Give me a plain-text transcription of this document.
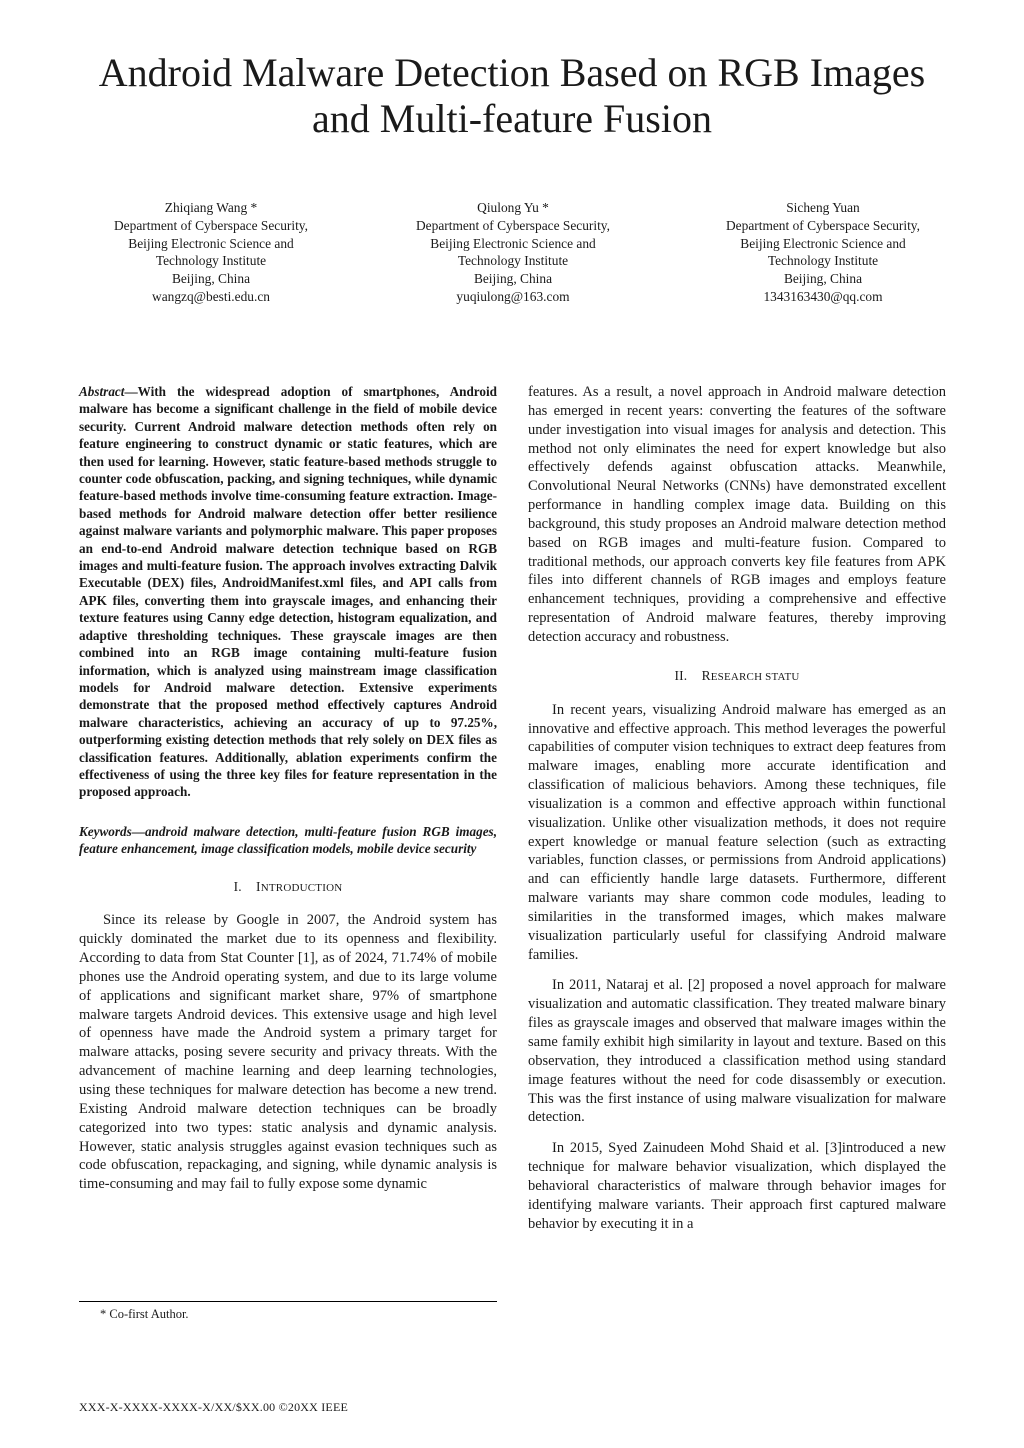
Android Malware Detection Based on RGB Images
and Multi-feature Fusion
Zhiqiang Wang *
Department of Cyberspace Security,
Beijing Electronic Science and
Technology Institute
Beijing, China
wangzq@besti.edu.cn
Qiulong Yu *
Department of Cyberspace Security,
Beijing Electronic Science and
Technology Institute
Beijing, China
yuqiulong@163.com
Sicheng Yuan
Department of Cyberspace Security,
Beijing Electronic Science and
Technology Institute
Beijing, China
1343163430@qq.com

Abstract—With the widespread adoption of smartphones, Android malware has become a significant challenge in the field of mobile device security. Current Android malware detection methods often rely on feature engineering to construct dynamic or static features, which are then used for learning. However, static feature-based methods struggle to counter code obfuscation, packing, and signing techniques, while dynamic feature-based methods involve time-consuming feature extraction. Image-based methods for Android malware detection offer better resilience against malware variants and polymorphic malware. This paper proposes an end-to-end Android malware detection technique based on RGB images and multi-feature fusion. The approach involves extracting Dalvik Executable (DEX) files, AndroidManifest.xml files, and API calls from APK files, converting them into grayscale images, and enhancing their texture features using Canny edge detection, histogram equalization, and adaptive thresholding techniques. These grayscale images are then combined into an RGB image containing multi-feature fusion information, which is analyzed using mainstream image classification models for Android malware detection. Extensive experiments demonstrate that the proposed method effectively captures Android malware characteristics, achieving an accuracy of up to 97.25%, outperforming existing detection methods that rely solely on DEX files as classification features. Additionally, ablation experiments confirm the effectiveness of using the three key files for feature representation in the proposed approach.

Keywords—android malware detection, multi-feature fusion RGB images, feature enhancement, image classification models, mobile device security

I. INTRODUCTION

Since its release by Google in 2007, the Android system has quickly dominated the market due to its openness and flexibility. According to data from Stat Counter [1], as of 2024, 71.74% of mobile phones use the Android operating system, and due to its large volume of applications and significant market share, 97% of smartphone malware targets Android devices. This extensive usage and high level of openness have made the Android system a primary target for malware attacks, posing severe security and privacy threats. With the advancement of machine learning and deep learning technologies, using these techniques for malware detection has become a new trend. Existing Android malware detection techniques can be broadly categorized into two types: static analysis and dynamic analysis. However, static analysis struggles against evasion techniques such as code obfuscation, repackaging, and signing, while dynamic analysis is time-consuming and may fail to fully expose some dynamic

features. As a result, a novel approach in Android malware detection has emerged in recent years: converting the features of the software under investigation into visual images for analysis and detection. This method not only eliminates the need for expert knowledge but also effectively defends against obfuscation attacks. Meanwhile, Convolutional Neural Networks (CNNs) have demonstrated excellent performance in handling complex image data. Building on this background, this study proposes an Android malware detection method based on RGB images and multi-feature fusion. Compared to traditional methods, our approach converts key file features from APK files into different channels of RGB images and employs feature enhancement techniques, providing a comprehensive and effective representation of Android malware features, thereby improving detection accuracy and robustness.

II. RESEARCH STATU

In recent years, visualizing Android malware has emerged as an innovative and effective approach. This method leverages the powerful capabilities of computer vision techniques to extract deep features from malware images, enabling more accurate identification and classification of malicious behaviors. Among these techniques, file visualization is a common and effective approach within functional visualization. Unlike other visualization methods, it does not require expert knowledge or manual feature selection (such as extracting variables, function classes, or permissions from Android applications) and can efficiently handle large datasets. Furthermore, different malware variants may share common code modules, leading to similarities in the transformed images, which makes malware visualization particularly useful for classifying Android malware families.

In 2011, Nataraj et al. [2] proposed a novel approach for malware visualization and automatic classification. They treated malware binary files as grayscale images and observed that malware images within the same family exhibit high similarity in layout and texture. Based on this observation, they introduced a classification method using standard image features without the need for code disassembly or execution. This was the first instance of using malware visualization for malware detection.

In 2015, Syed Zainudeen Mohd Shaid et al. [3]introduced a new technique for malware behavior visualization, which displayed the behavioral characteristics of malware through behavior images for identifying malware variants. Their approach first captured malware behavior by executing it in a

* Co-first Author.
XXX-X-XXXX-XXXX-X/XX/$XX.00 ©20XX IEEE
